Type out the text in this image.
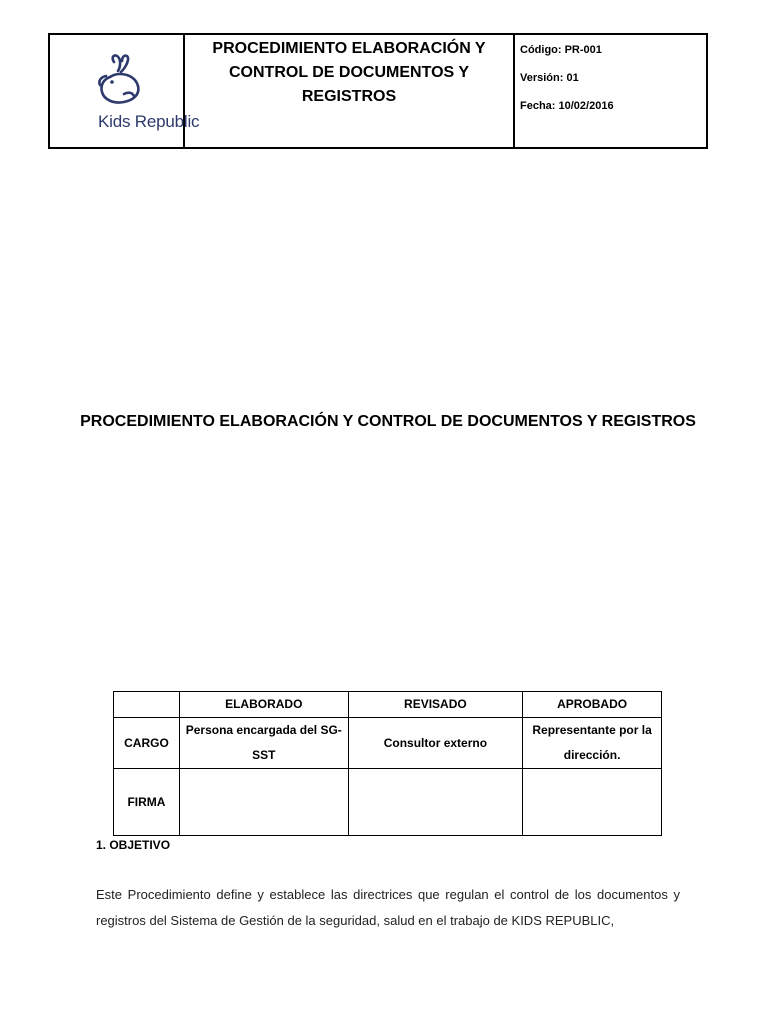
Kids Republic
PROCEDIMIENTO ELABORACIÓN Y CONTROL DE DOCUMENTOS Y REGISTROS
Código: PR-001
Versión: 01
Fecha: 10/02/2016
PROCEDIMIENTO ELABORACIÓN Y CONTROL DE DOCUMENTOS Y REGISTROS
	ELABORADO	REVISADO	APROBADO
CARGO	Persona encargada del SG- SST	Consultor externo	Representante por la dirección.
FIRMA			
1. OBJETIVO
Este Procedimiento define y establece las directrices que regulan el control de los documentos y registros del Sistema de Gestión de la seguridad, salud en el trabajo de KIDS REPUBLIC,
